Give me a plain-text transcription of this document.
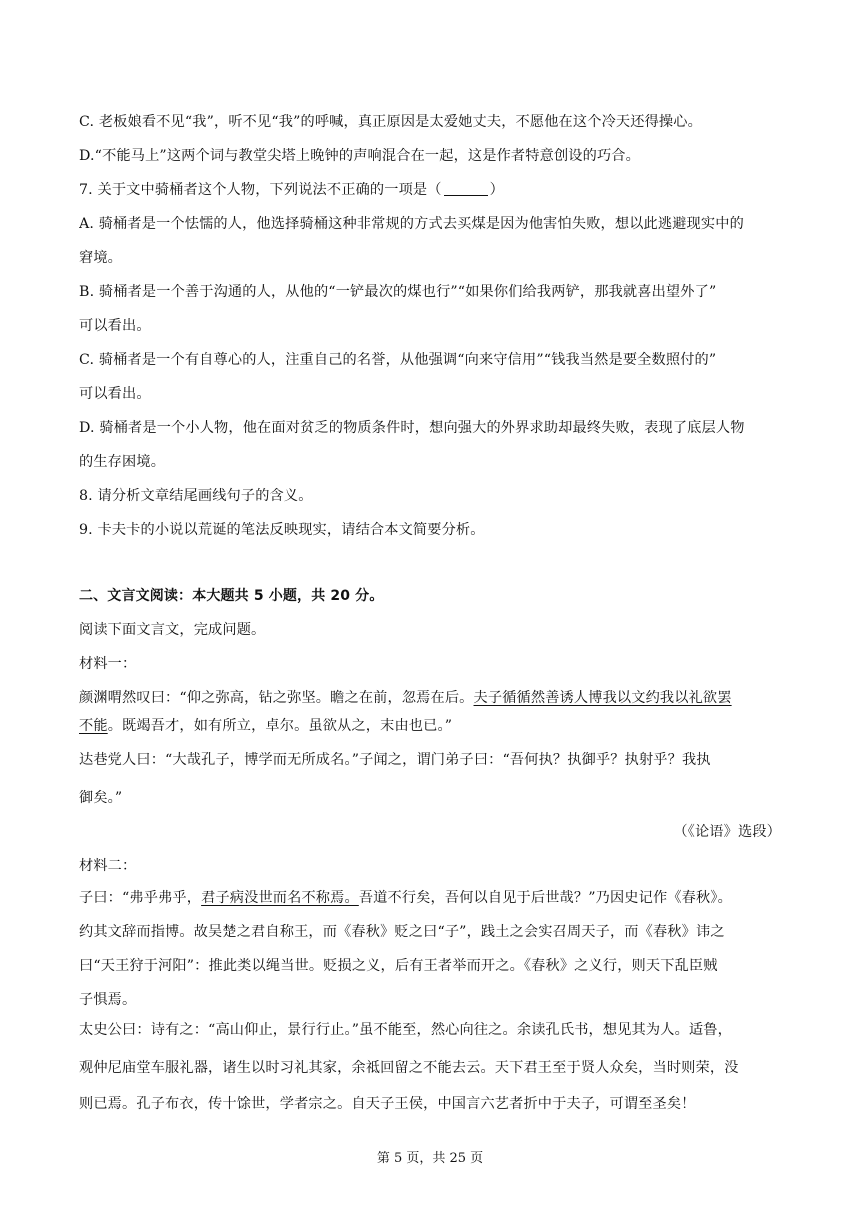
C. 老板娘看不见“我”，听不见“我”的呼喊，真正原因是太爱她丈夫，不愿他在这个冷天还得操心。
D.“不能马上”这两个词与教堂尖塔上晚钟的声响混合在一起，这是作者特意创设的巧合。
7. 关于文中骑桶者这个人物，下列说法不正确的一项是（	）
A. 骑桶者是一个怯懦的人，他选择骑桶这种非常规的方式去买煤是因为他害怕失败，想以此逃避现实中的
窘境。
B. 骑桶者是一个善于沟通的人，从他的“一铲最次的煤也行”“如果你们给我两铲，那我就喜出望外了”
可以看出。
C. 骑桶者是一个有自尊心的人，注重自己的名誉，从他强调“向来守信用”“钱我当然是要全数照付的”
可以看出。
D. 骑桶者是一个小人物，他在面对贫乏的物质条件时，想向强大的外界求助却最终失败，表现了底层人物
的生存困境。
8. 请分析文章结尾画线句子的含义。
9. 卡夫卡的小说以荒诞的笔法反映现实，请结合本文简要分析。
二、文言文阅读：本大题共 5 小题，共 20 分。
阅读下面文言文，完成问题。
材料一：
颜渊喟然叹曰：“仰之弥高，钻之弥坚。瞻之在前，忽焉在后。夫子循循然善诱人博我以文约我以礼欲罢
不能。既竭吾才，如有所立，卓尔。虽欲从之，末由也已。”
达巷党人曰：“大哉孔子，博学而无所成名。”子闻之，谓门弟子曰：“吾何执？执御乎？执射乎？我执
御矣。”
（《论语》选段）
材料二：
子曰：“弗乎弗乎，君子病没世而名不称焉。吾道不行矣，吾何以自见于后世哉？”乃因史记作《春秋》。
约其文辞而指博。故吴楚之君自称王，而《春秋》贬之曰“子”，践土之会实召周天子，而《春秋》讳之
曰“天王狩于河阳”：推此类以绳当世。贬损之义，后有王者举而开之。《春秋》之义行，则天下乱臣贼
子惧焉。
太史公曰：诗有之：“高山仰止，景行行止。”虽不能至，然心向往之。余读孔氏书，想见其为人。适鲁，
观仲尼庙堂车服礼器，诸生以时习礼其家，余祗回留之不能去云。天下君王至于贤人众矣，当时则荣，没
则已焉。孔子布衣，传十馀世，学者宗之。自天子王侯，中国言六艺者折中于夫子，可谓至圣矣！
第 5 页，共 25 页
